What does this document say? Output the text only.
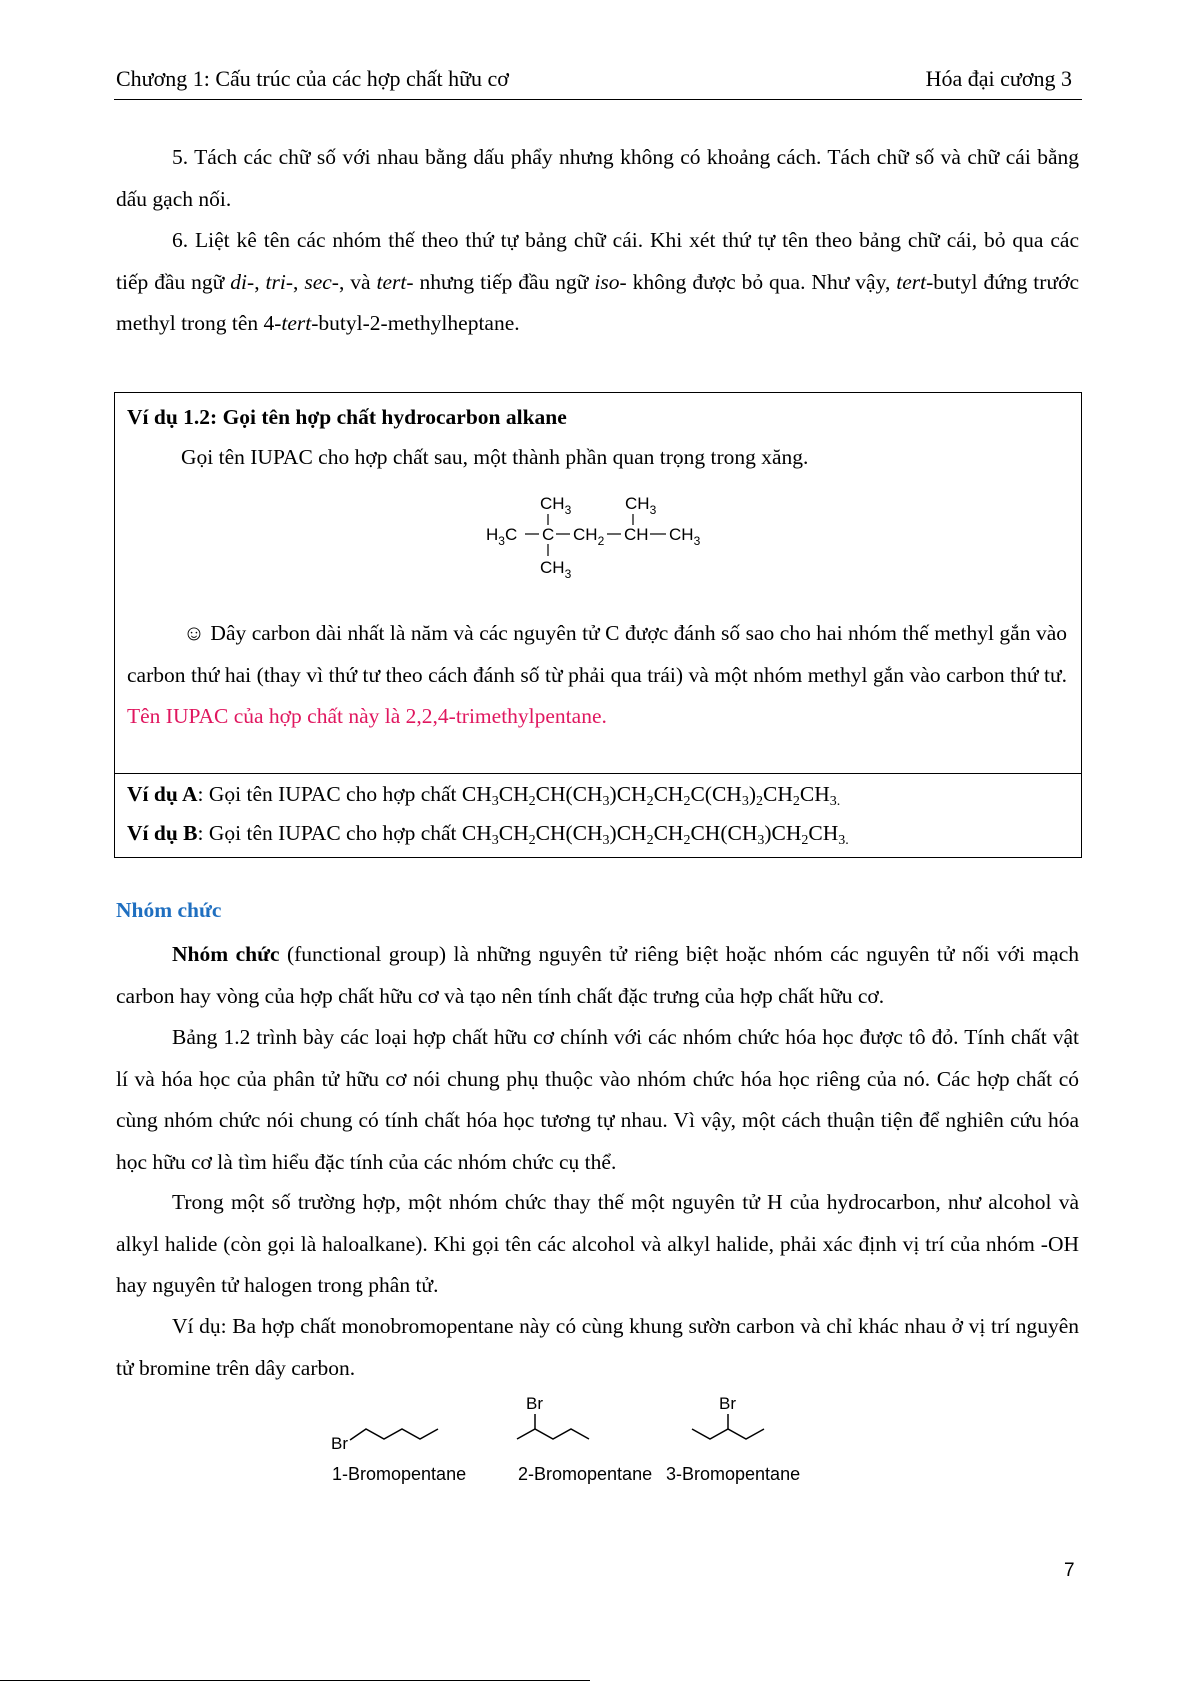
Chương 1: Cấu trúc của các hợp chất hữu cơ	Hóa đại cương 3
5. Tách các chữ số với nhau bằng dấu phẩy nhưng không có khoảng cách. Tách chữ số và chữ cái bằng dấu gạch nối.
6. Liệt kê tên các nhóm thế theo thứ tự bảng chữ cái. Khi xét thứ tự tên theo bảng chữ cái, bỏ qua các tiếp đầu ngữ di-, tri-, sec-, và tert- nhưng tiếp đầu ngữ iso- không được bỏ qua. Như vậy, tert-butyl đứng trước methyl trong tên 4-tert-butyl-2-methylheptane.
Ví dụ 1.2: Gọi tên hợp chất hydrocarbon alkane
Gọi tên IUPAC cho hợp chất sau, một thành phần quan trọng trong xăng.
$CH_3$	$CH_3$
$H_3C$ C $CH_2$ CH $CH_3$
$CH_3$
☺ Dây carbon dài nhất là năm và các nguyên tử C được đánh số sao cho hai nhóm thế methyl gắn vào carbon thứ hai (thay vì thứ tư theo cách đánh số từ phải qua trái) và một nhóm methyl gắn vào carbon thứ tư. Tên IUPAC của hợp chất này là 2,2,4-trimethylpentane.
Ví dụ A: Gọi tên IUPAC cho hợp chất $CH_3CH_2CH(CH_3)CH_2CH_2C(CH_3)_2CH_2CH_{3.}$
Ví dụ B: Gọi tên IUPAC cho hợp chất $CH_3CH_2CH(CH_3)CH_2CH_2CH(CH_3)CH_2CH_{3.}$
Nhóm chức
Nhóm chức (functional group) là những nguyên tử riêng biệt hoặc nhóm các nguyên tử nối với mạch carbon hay vòng của hợp chất hữu cơ và tạo nên tính chất đặc trưng của hợp chất hữu cơ.
Bảng 1.2 trình bày các loại hợp chất hữu cơ chính với các nhóm chức hóa học được tô đỏ. Tính chất vật lí và hóa học của phân tử hữu cơ nói chung phụ thuộc vào nhóm chức hóa học riêng của nó. Các hợp chất có cùng nhóm chức nói chung có tính chất hóa học tương tự nhau. Vì vậy, một cách thuận tiện để nghiên cứu hóa học hữu cơ là tìm hiểu đặc tính của các nhóm chức cụ thể.
Trong một số trường hợp, một nhóm chức thay thế một nguyên tử H của hydrocarbon, như alcohol và alkyl halide (còn gọi là haloalkane). Khi gọi tên các alcohol và alkyl halide, phải xác định vị trí của nhóm -OH hay nguyên tử halogen trong phân tử.
Ví dụ: Ba hợp chất monobromopentane này có cùng khung sườn carbon và chỉ khác nhau ở vị trí nguyên tử bromine trên dây carbon.
Br
1-Bromopentane
Br
2-Bromopentane
Br
3-Bromopentane
7
